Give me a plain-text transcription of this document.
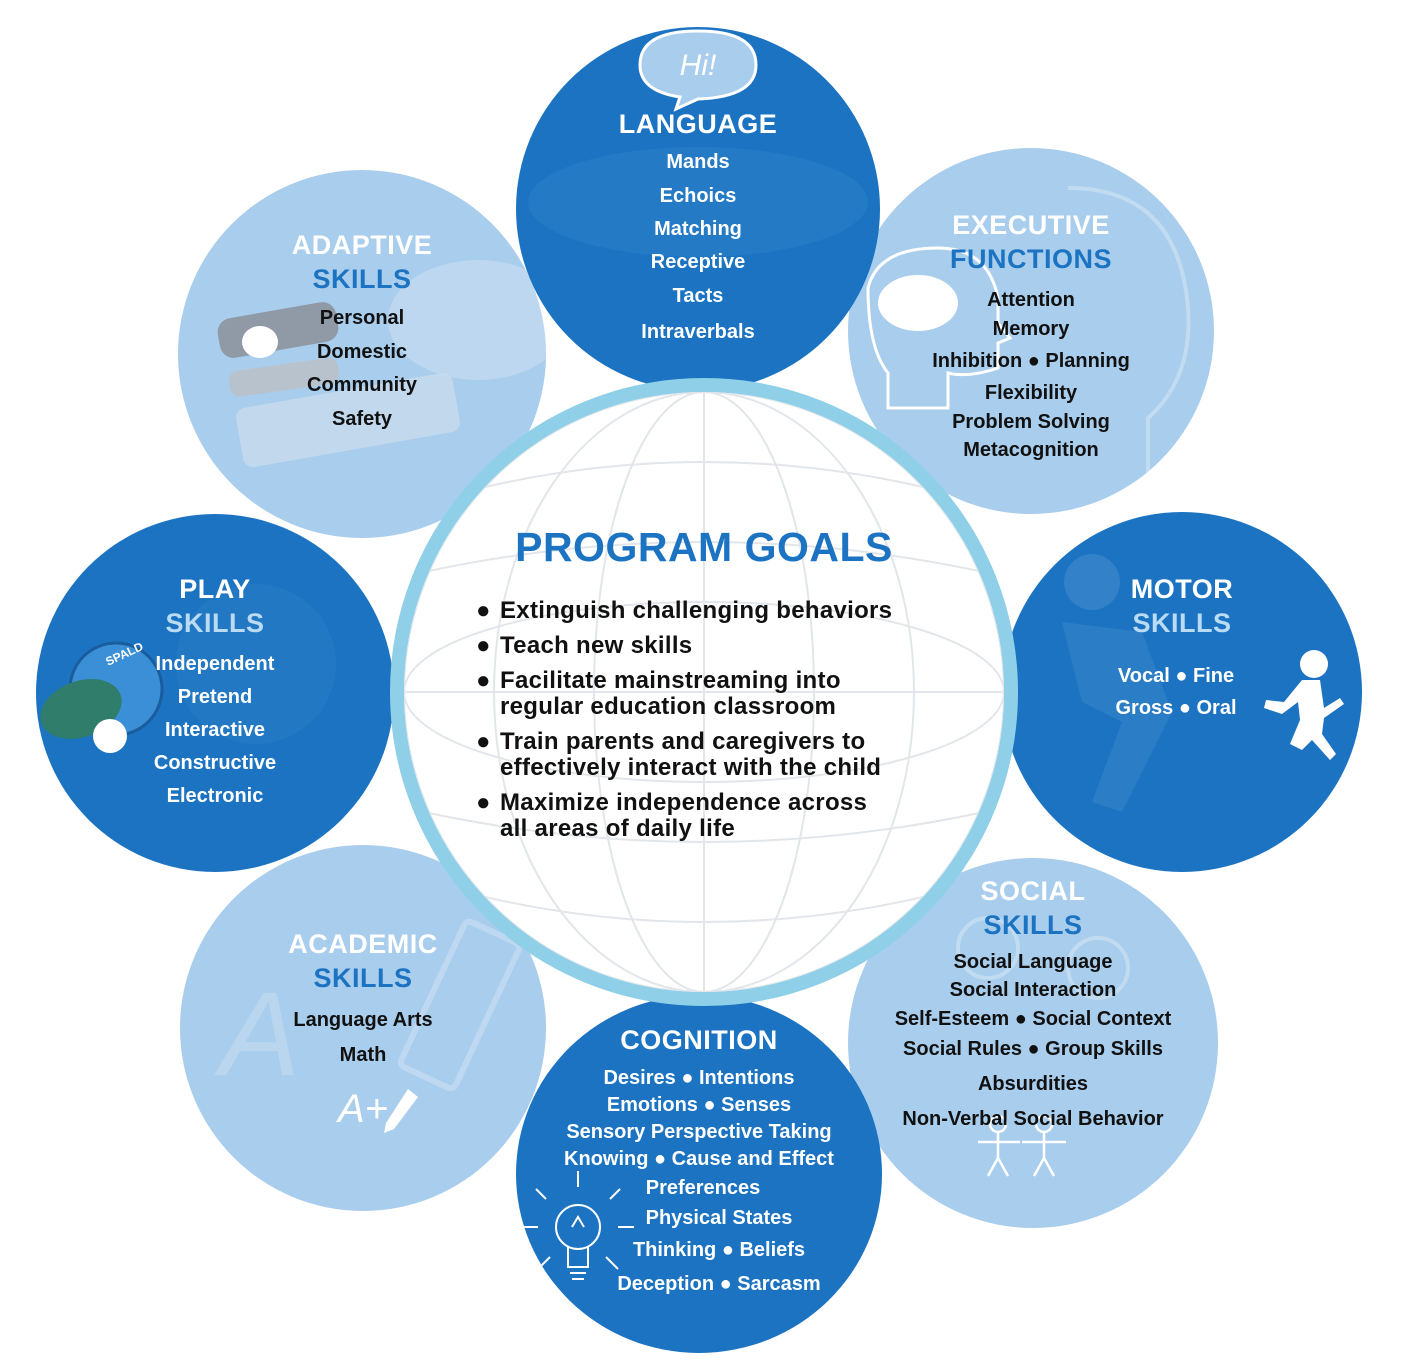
ADAPTIVE
SKILLS
Personal
Domestic
Community
Safety
EXECUTIVE
FUNCTIONS
Attention
Memory
Inhibition ● Planning
Flexibility
Problem Solving
Metacognition
MOTOR
SKILLS
Vocal ● Fine
Gross ● Oral
SOCIAL
SKILLS
Social Language
Social Interaction
Self-Esteem ● Social Context
Social Rules ● Group Skills
Absurdities
Non-Verbal Social Behavior
A
ACADEMIC
SKILLS
Language Arts
Math
A+
SPALD
PLAY
SKILLS
Independent
Pretend
Interactive
Constructive
Electronic
Hi!
LANGUAGE
Mands
Echoics
Matching
Receptive
Tacts
Intraverbals
COGNITION
Desires ● Intentions
Emotions ● Senses
Sensory Perspective Taking
Knowing ● Cause and Effect
Preferences
Physical States
Thinking ● Beliefs
Deception ● Sarcasm
PROGRAM GOALS
● Extinguish challenging behaviors
● Teach new skills
● Facilitate mainstreaming into
regular education classroom
● Train parents and caregivers to
effectively interact with the child
● Maximize independence across
all areas of daily life
